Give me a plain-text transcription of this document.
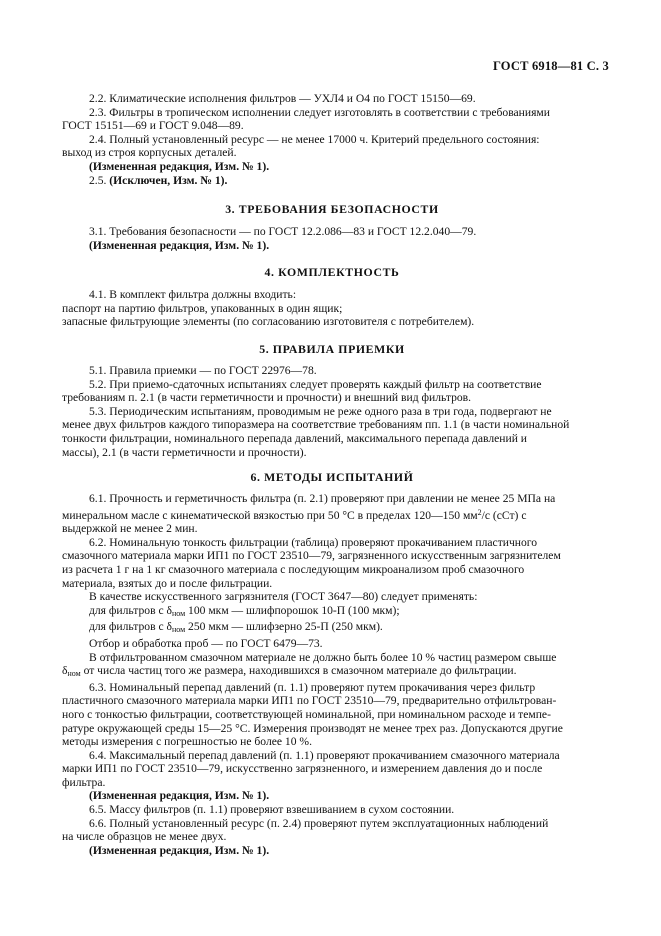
ГОСТ 6918—81 С. 3

2.2. Климатические исполнения фильтров — УХЛ4 и О4 по ГОСТ 15150—69.

2.3. Фильтры в тропическом исполнении следует изготовлять в соответствии с требованиями

ГОСТ 15151—69 и ГОСТ 9.048—89.

2.4. Полный установленный ресурс — не менее 17000 ч. Критерий предельного состояния:

выход из строя корпусных деталей.

(Измененная редакция, Изм. № 1).

2.5. (Исключен, Изм. № 1).

3. ТРЕБОВАНИЯ БЕЗОПАСНОСТИ

3.1. Требования безопасности — по ГОСТ 12.2.086—83 и ГОСТ 12.2.040—79.

(Измененная редакция, Изм. № 1).

4. КОМПЛЕКТНОСТЬ

4.1. В комплект фильтра должны входить:

паспорт на партию фильтров, упакованных в один ящик;

запасные фильтрующие элементы (по согласованию изготовителя с потребителем).

5. ПРАВИЛА ПРИЕМКИ

5.1. Правила приемки — по ГОСТ 22976—78.

5.2. При приемо-сдаточных испытаниях следует проверять каждый фильтр на соответствие

требованиям п. 2.1 (в части герметичности и прочности) и внешний вид фильтров.

5.3. Периодическим испытаниям, проводимым не реже одного раза в три года, подвергают не

менее двух фильтров каждого типоразмера на соответствие требованиям пп. 1.1 (в части номинальной

тонкости фильтрации, номинального перепада давлений, максимального перепада давлений и

массы), 2.1 (в части герметичности и прочности).

6. МЕТОДЫ ИСПЫТАНИЙ

6.1. Прочность и герметичность фильтра (п. 2.1) проверяют при давлении не менее 25 МПа на

минеральном масле с кинематической вязкостью при 50 °С в пределах 120—150 $мм^2/с$ (сСт) с

выдержкой не менее 2 мин.

6.2. Номинальную тонкость фильтрации (таблица) проверяют прокачиванием пластичного

смазочного материала марки ИП1 по ГОСТ 23510—79, загрязненного искусственным загрязнителем

из расчета 1 г на 1 кг смазочного материала с последующим микроанализом проб смазочного

материала, взятых до и после фильтрации.

В качестве искусственного загрязнителя (ГОСТ 3647—80) следует применять:

для фильтров с $\delta_{ном}$ 100 мкм — шлифпорошок 10-П (100 мкм);

для фильтров с $\delta_{ном}$ 250 мкм — шлифзерно 25-П (250 мкм).

Отбор и обработка проб — по ГОСТ 6479—73.

В отфильтрованном смазочном материале не должно быть более 10 % частиц размером свыше

$\delta_{ном}$ от числа частиц того же размера, находившихся в смазочном материале до фильтрации.

6.3. Номинальный перепад давлений (п. 1.1) проверяют путем прокачивания через фильтр

пластичного смазочного материала марки ИП1 по ГОСТ 23510—79, предварительно отфильтрован-

ного с тонкостью фильтрации, соответствующей номинальной, при номинальном расходе и темпе-

ратуре окружающей среды 15—25 °С. Измерения производят не менее трех раз. Допускаются другие

методы измерения с погрешностью не более 10 %.

6.4. Максимальный перепад давлений (п. 1.1) проверяют прокачиванием смазочного материала

марки ИП1 по ГОСТ 23510—79, искусственно загрязненного, и измерением давления до и после

фильтра.

(Измененная редакция, Изм. № 1).

6.5. Массу фильтров (п. 1.1) проверяют взвешиванием в сухом состоянии.

6.6. Полный установленный ресурс (п. 2.4) проверяют путем эксплуатационных наблюдений

на числе образцов не менее двух.

(Измененная редакция, Изм. № 1).
